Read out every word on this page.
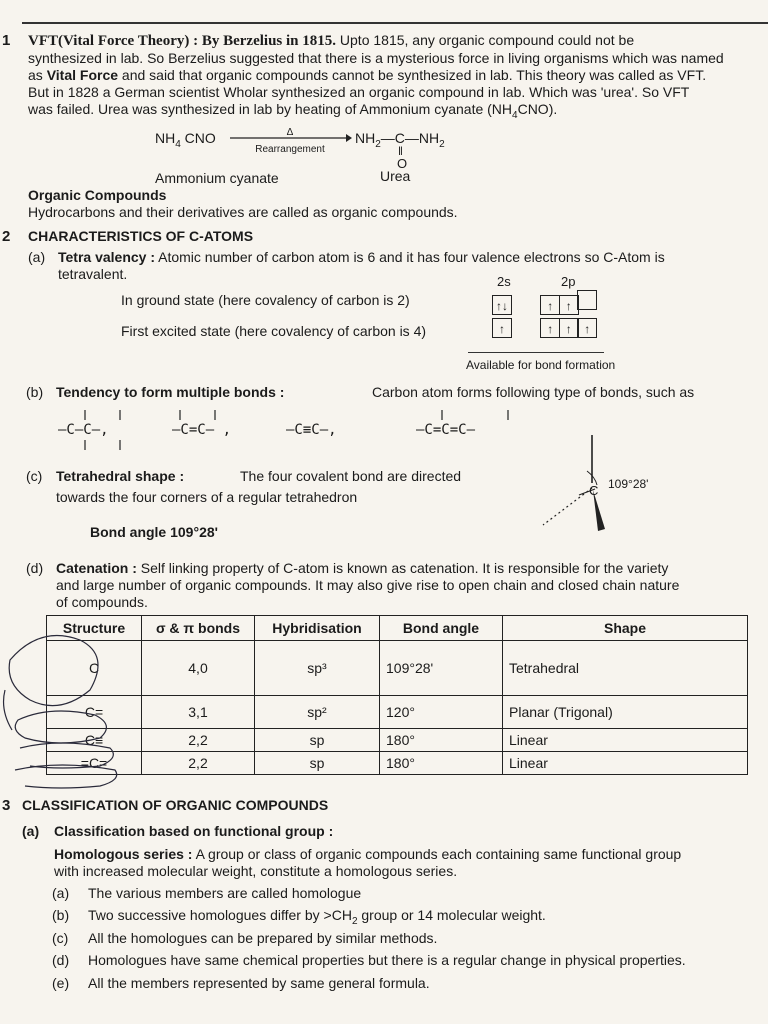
1 VFT(Vital Force Theory) : By Berzelius in 1815. Upto 1815, any organic compound could not be
synthesized in lab. So Berzelius suggested that there is a mysterious force in living organisms which was named
as Vital Force and said that organic compounds cannot be synthesized in lab. This theory was called as VFT.
But in 1828 a German scientist Wholar synthesized an organic compound in lab. Which was 'urea'. So VFT
was failed. Urea was synthesized in lab by heating of Ammonium cyanate $(NH_4CNO)$.
$NH_4$ CNO	Δ
Rearrangement
$NH_2—C—NH_2$
‖
O
Ammonium cyanate	Urea
Organic Compounds
Hydrocarbons and their derivatives are called as organic compounds.
2 CHARACTERISTICS OF C-ATOMS
(a) Tetra valency : Atomic number of carbon atom is 6 and it has four valence electrons so C-Atom is
tetravalent.	2s	2p
In ground state (here covalency of carbon is 2)	↑↓	↑ ↑
First excited state (here covalency of carbon is 4)	↑	↑ ↑ ↑
Available for bond formation
(b) Tendency to form multiple bonds :	Carbon atom forms following type of bonds, such as
—C—C—,	—C=C— ,	—C≡C—,	—C=C=C—
(c) Tetrahedral shape :	The four covalent bond are directed
towards the four corners of a regular tetrahedron
Bond angle 109°28'
C 109°28'
(d) Catenation : Self linking property of C-atom is known as catenation. It is responsible for the variety
and large number of organic compounds. It may also give rise to open chain and closed chain nature
of compounds.
Structure	σ & π bonds	Hybridisation	Bond angle	Shape
C	4,0	sp³	109°28'	Tetrahedral
C=	3,1	sp²	120°	Planar (Trigonal)
C≡	2,2	sp	180°	Linear
=C=	2,2	sp	180°	Linear
3 CLASSIFICATION OF ORGANIC COMPOUNDS
(a) Classification based on functional group :
Homologous series : A group or class of organic compounds each containing same functional group
with increased molecular weight, constitute a homologous series.
(a) The various members are called homologue
(b) Two successive homologues differ by $>CH_2$ group or 14 molecular weight.
(c) All the homologues can be prepared by similar methods.
(d) Homologues have same chemical properties but there is a regular change in physical properties.
(e) All the members represented by same general formula.
